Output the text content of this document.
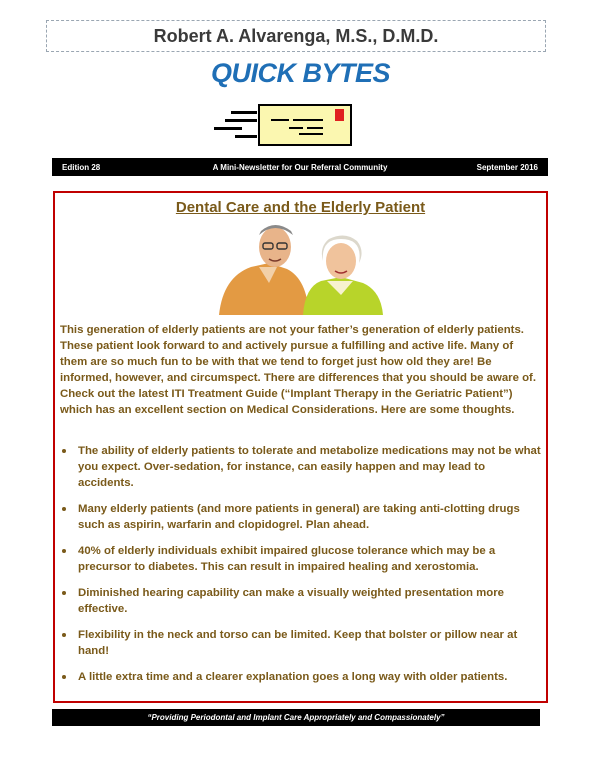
Robert A. Alvarenga, M.S., D.M.D.
QUICK BYTES
Edition 28	A Mini-Newsletter for Our Referral Community	September 2016
Dental Care and the Elderly Patient
This generation of elderly patients are not your father’s generation of elderly patients. These patient look forward to and actively pursue a fulfilling and active life. Many of them are so much fun to be with that we tend to forget just how old they are! Be informed, however, and circumspect. There are differences that you should be aware of. Check out the latest ITI Treatment Guide (“Implant Therapy in the Geriatric Patient”) which has an excellent section on Medical Considerations. Here are some thoughts.
The ability of elderly patients to tolerate and metabolize medications may not be what you expect. Over-sedation, for instance, can easily happen and may lead to accidents.
Many elderly patients (and more patients in general) are taking anti-clotting drugs such as aspirin, warfarin and clopidogrel. Plan ahead.
40% of elderly individuals exhibit impaired glucose tolerance which may be a precursor to diabetes. This can result in impaired healing and xerostomia.
Diminished hearing capability can make a visually weighted presentation more effective.
Flexibility in the neck and torso can be limited. Keep that bolster or pillow near at hand!
A little extra time and a clearer explanation goes a long way with older patients.
“Providing Periodontal and Implant Care Appropriately and Compassionately”
